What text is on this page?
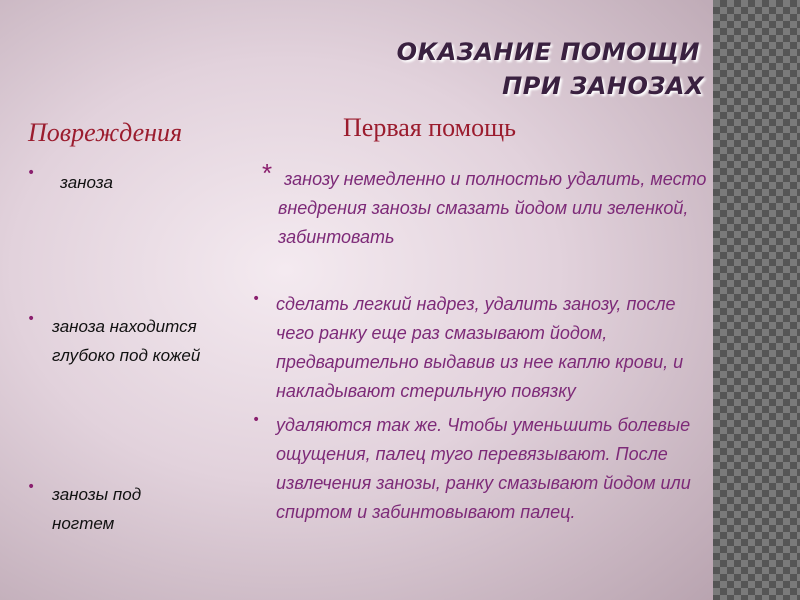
ОКАЗАНИЕ ПОМОЩИ
ПРИ ЗАНОЗАХ
Повреждения	Первая помощь
• заноза
• заноза находится глубоко под кожей
• занозы под ногтем
* занозу немедленно и полностью удалить, место внедрения занозы смазать йодом или зеленкой, забинтовать
• сделать легкий надрез, удалить занозу, после чего ранку еще раз смазывают йодом, предварительно выдавив из нее каплю крови, и накладывают стерильную повязку
• удаляются так же. Чтобы уменьшить болевые ощущения, палец туго перевязывают. После извлечения занозы, ранку смазывают йодом или спиртом и забинтовывают палец.
